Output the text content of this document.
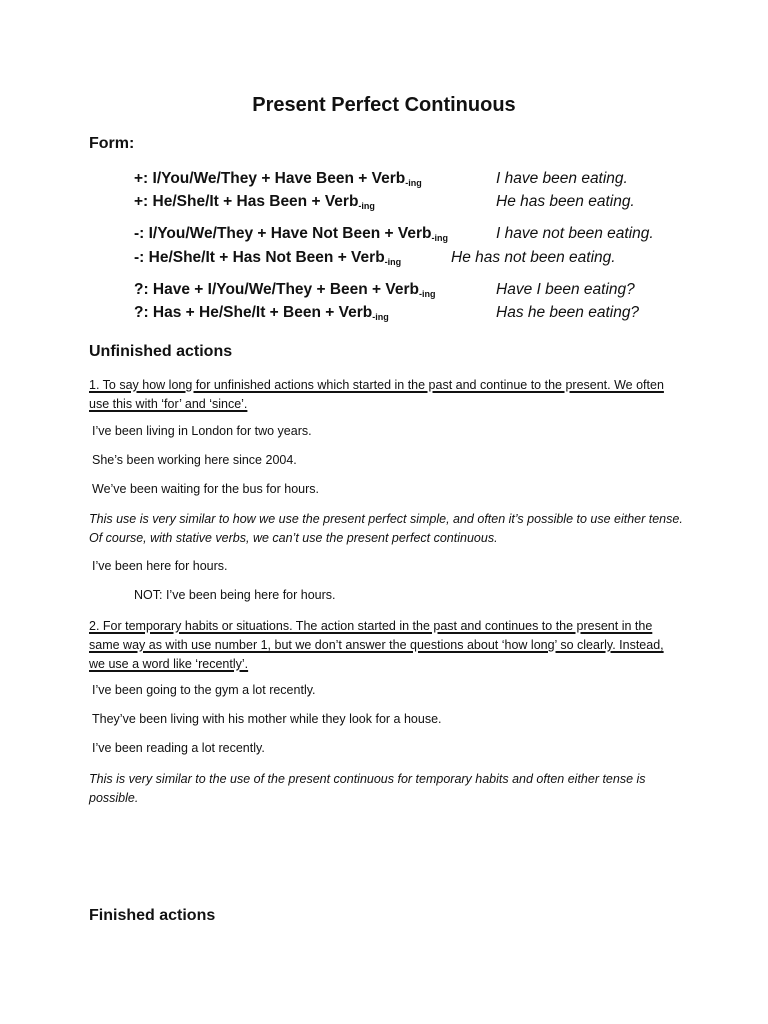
Present Perfect Continuous
Form:
+: I/You/We/They + Have Been + Verb$_{-ing}$	I have been eating.
+: He/She/It + Has Been + Verb$_{-ing}$	He has been eating.
-: I/You/We/They + Have Not Been + Verb$_{-ing}$	I have not been eating.
-: He/She/It + Has Not Been + Verb$_{-ing}$	He has not been eating.
?: Have + I/You/We/They + Been + Verb$_{-ing}$	Have I been eating?
?: Has + He/She/It + Been + Verb$_{-ing}$	Has he been eating?
Unfinished actions
1. To say how long for unfinished actions which started in the past and continue to the present. We often use this with ‘for’ and ‘since’.
I’ve been living in London for two years.
She’s been working here since 2004.
We’ve been waiting for the bus for hours.
This use is very similar to how we use the present perfect simple, and often it’s possible to use either tense. Of course, with stative verbs, we can’t use the present perfect continuous.
I’ve been here for hours.
NOT: I’ve been being here for hours.
2. For temporary habits or situations. The action started in the past and continues to the present in the same way as with use number 1, but we don’t answer the questions about ‘how long’ so clearly. Instead, we use a word like ‘recently’.
I’ve been going to the gym a lot recently.
They’ve been living with his mother while they look for a house.
I’ve been reading a lot recently.
This is very similar to the use of the present continuous for temporary habits and often either tense is possible.
Finished actions
